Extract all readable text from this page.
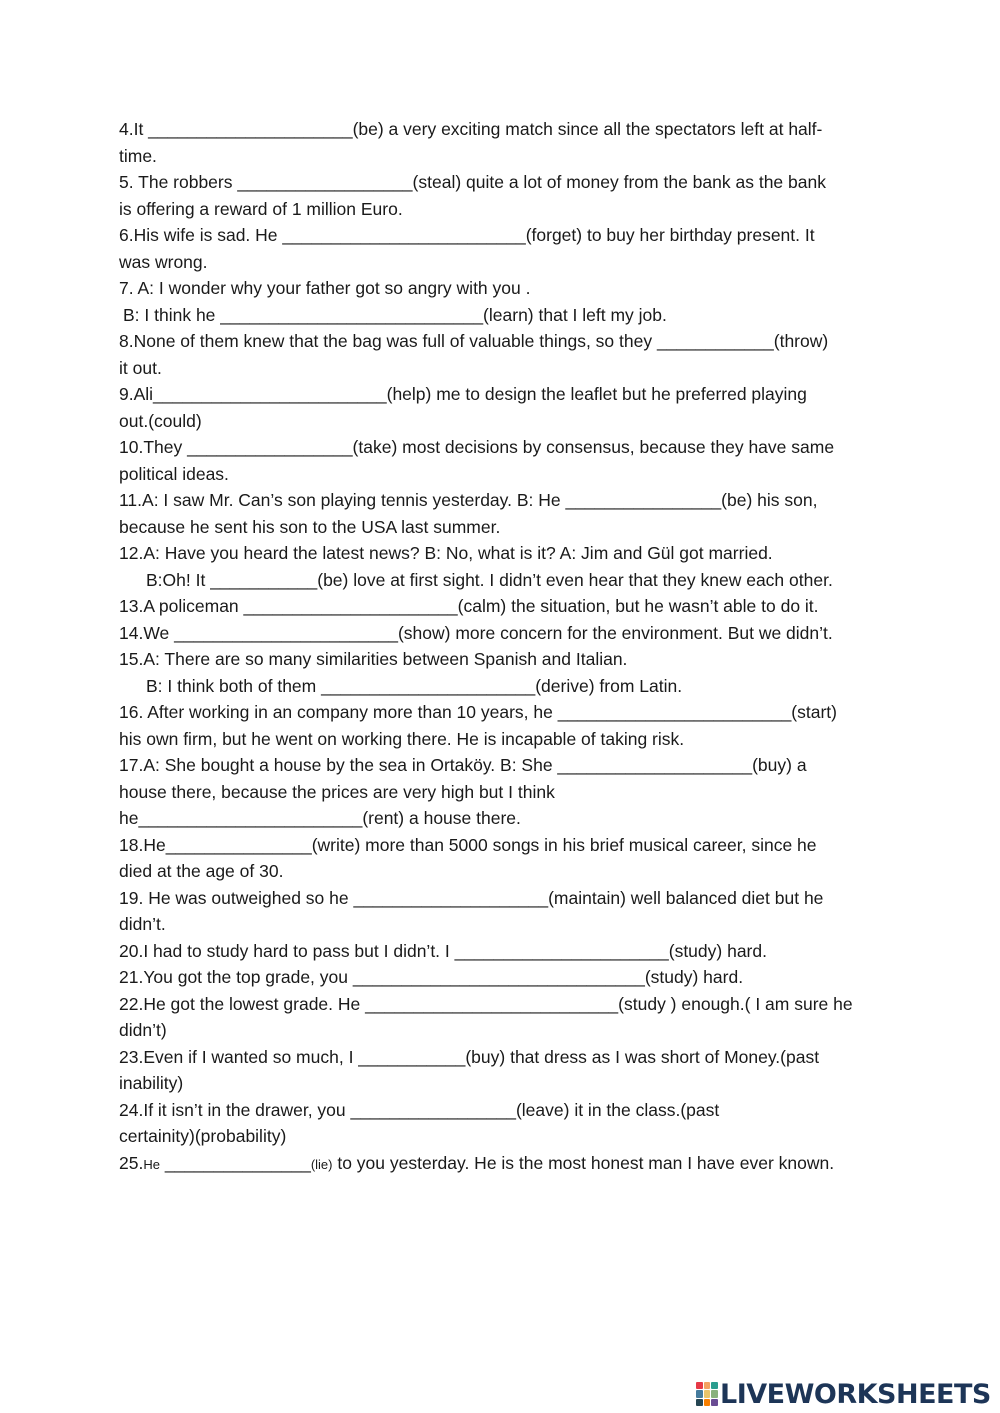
4.It _____________________(be) a very exciting match since all the spectators left at half-
time.
5. The robbers __________________(steal) quite a lot of money from the bank as the bank
is offering a reward of 1 million Euro.
6.His wife is sad. He _________________________(forget) to buy her birthday present. It
was wrong.
7. A: I wonder why your father got so angry with you .
B: I think he ___________________________(learn) that I left my job.
8.None of them knew that the bag was full of valuable things, so they ____________(throw)
it out.
9.Ali________________________(help) me to design the leaflet but he preferred playing
out.(could)
10.They _________________(take) most decisions by consensus, because they have same
political ideas.
11.A: I saw Mr. Can’s son playing tennis yesterday. B: He ________________(be) his son,
because he sent his son to the USA last summer.
12.A: Have you heard the latest news? B: No, what is it? A: Jim and Gül got married.
B:Oh! It ___________(be) love at first sight. I didn’t even hear that they knew each other.
13.A policeman ______________________(calm) the situation, but he wasn’t able to do it.
14.We _______________________(show) more concern for the environment. But we didn’t.
15.A: There are so many similarities between Spanish and Italian.
B: I think both of them ______________________(derive) from Latin.
16. After working in an company more than 10 years, he ________________________(start)
his own firm, but he went on working there. He is incapable of taking risk.
17.A: She bought a house by the sea in Ortaköy. B: She ____________________(buy) a
house there, because the prices are very high but I think
he_______________________(rent) a house there.
18.He_______________(write) more than 5000 songs in his brief musical career, since he
died at the age of 30.
19. He was outweighed so he ____________________(maintain) well balanced diet but he
didn’t.
20.I had to study hard to pass but I didn’t. I ______________________(study) hard.
21.You got the top grade, you ______________________________(study) hard.
22.He got the lowest grade. He __________________________(study ) enough.( I am sure he
didn’t)
23.Even if I wanted so much, I ___________(buy) that dress as I was short of Money.(past
inability)
24.If it isn’t in the drawer, you _________________(leave) it in the class.(past
certainity)(probability)
25.He _______________(lie) to you yesterday. He is the most honest man I have ever known.
LIVEWORKSHEETS
